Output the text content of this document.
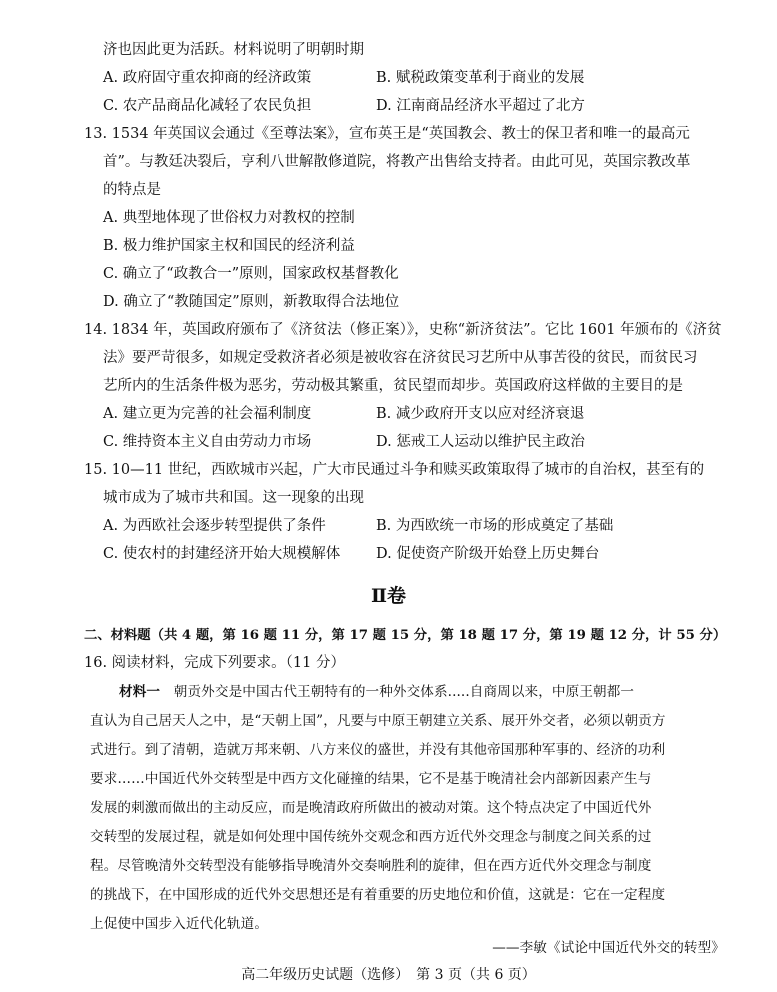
济也因此更为活跃。材料说明了明朝时期
A. 政府固守重农抑商的经济政策	B. 赋税政策变革利于商业的发展
C. 农产品商品化减轻了农民负担	D. 江南商品经济水平超过了北方
13. 1534 年英国议会通过《至尊法案》，宣布英王是“英国教会、教士的保卫者和唯一的最高元
首”。与教廷决裂后，亨利八世解散修道院，将教产出售给支持者。由此可见，英国宗教改革
的特点是
A. 典型地体现了世俗权力对教权的控制
B. 极力维护国家主权和国民的经济利益
C. 确立了“政教合一”原则，国家政权基督教化
D. 确立了“教随国定”原则，新教取得合法地位
14. 1834 年，英国政府颁布了《济贫法（修正案）》，史称“新济贫法”。它比 1601 年颁布的《济贫
法》要严苛很多，如规定受救济者必须是被收容在济贫民习艺所中从事苦役的贫民，而贫民习
艺所内的生活条件极为恶劣，劳动极其繁重，贫民望而却步。英国政府这样做的主要目的是
A. 建立更为完善的社会福利制度	B. 减少政府开支以应对经济衰退
C. 维持资本主义自由劳动力市场	D. 惩戒工人运动以维护民主政治
15. 10—11 世纪，西欧城市兴起，广大市民通过斗争和赎买政策取得了城市的自治权，甚至有的
城市成为了城市共和国。这一现象的出现
A. 为西欧社会逐步转型提供了条件	B. 为西欧统一市场的形成奠定了基础
C. 使农村的封建经济开始大规模解体 D. 促使资产阶级开始登上历史舞台
Ⅱ卷
二、材料题（共 4 题，第 16 题 11 分，第 17 题 15 分，第 18 题 17 分，第 19 题 12 分，计 55 分）
16. 阅读材料，完成下列要求。（11 分）
材料一  朝贡外交是中国古代王朝特有的一种外交体系.....自商周以来，中原王朝都一
直认为自己居天人之中，是“天朝上国”，凡要与中原王朝建立关系、展开外交者，必须以朝贡方
式进行。到了清朝，造就万邦来朝、八方来仪的盛世，并没有其他帝国那种军事的、经济的功利
要求……中国近代外交转型是中西方文化碰撞的结果，它不是基于晚清社会内部新因素产生与
发展的刺激而做出的主动反应，而是晚清政府所做出的被动对策。这个特点决定了中国近代外
交转型的发展过程，就是如何处理中国传统外交观念和西方近代外交理念与制度之间关系的过
程。尽管晚清外交转型没有能够指导晚清外交奏响胜利的旋律，但在西方近代外交理念与制度
的挑战下，在中国形成的近代外交思想还是有着重要的历史地位和价值，这就是：它在一定程度
上促使中国步入近代化轨道。
——李敏《试论中国近代外交的转型》
高二年级历史试题（选修）　第 3 页（共 6 页）
